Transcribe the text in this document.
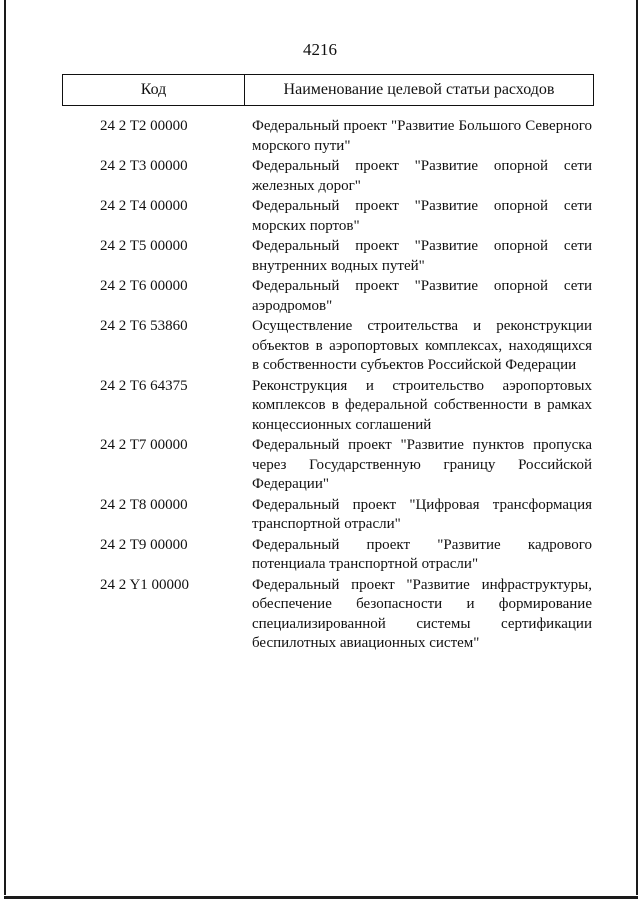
4216
Код	Наименование целевой статьи расходов
24 2 T2 00000	Федеральный проект "Развитие Большого Северного морского пути"
24 2 T3 00000	Федеральный проект "Развитие опорной сети железных дорог"
24 2 T4 00000	Федеральный проект "Развитие опорной сети морских портов"
24 2 T5 00000	Федеральный проект "Развитие опорной сети внутренних водных путей"
24 2 T6 00000	Федеральный проект "Развитие опорной сети аэродромов"
24 2 T6 53860	Осуществление строительства и реконструкции объектов в аэропортовых комплексах, находящихся в собственности субъектов Российской Федерации
24 2 T6 64375	Реконструкция и строительство аэропортовых комплексов в федеральной собственности в рамках концессионных соглашений
24 2 T7 00000	Федеральный проект "Развитие пунктов пропуска через Государственную границу Российской Федерации"
24 2 T8 00000	Федеральный проект "Цифровая трансформация транспортной отрасли"
24 2 T9 00000	Федеральный проект "Развитие кадрового потенциала транспортной отрасли"
24 2 Y1 00000	Федеральный проект "Развитие инфраструктуры, обеспечение безопасности и формирование специализированной системы сертификации беспилотных авиационных систем"
